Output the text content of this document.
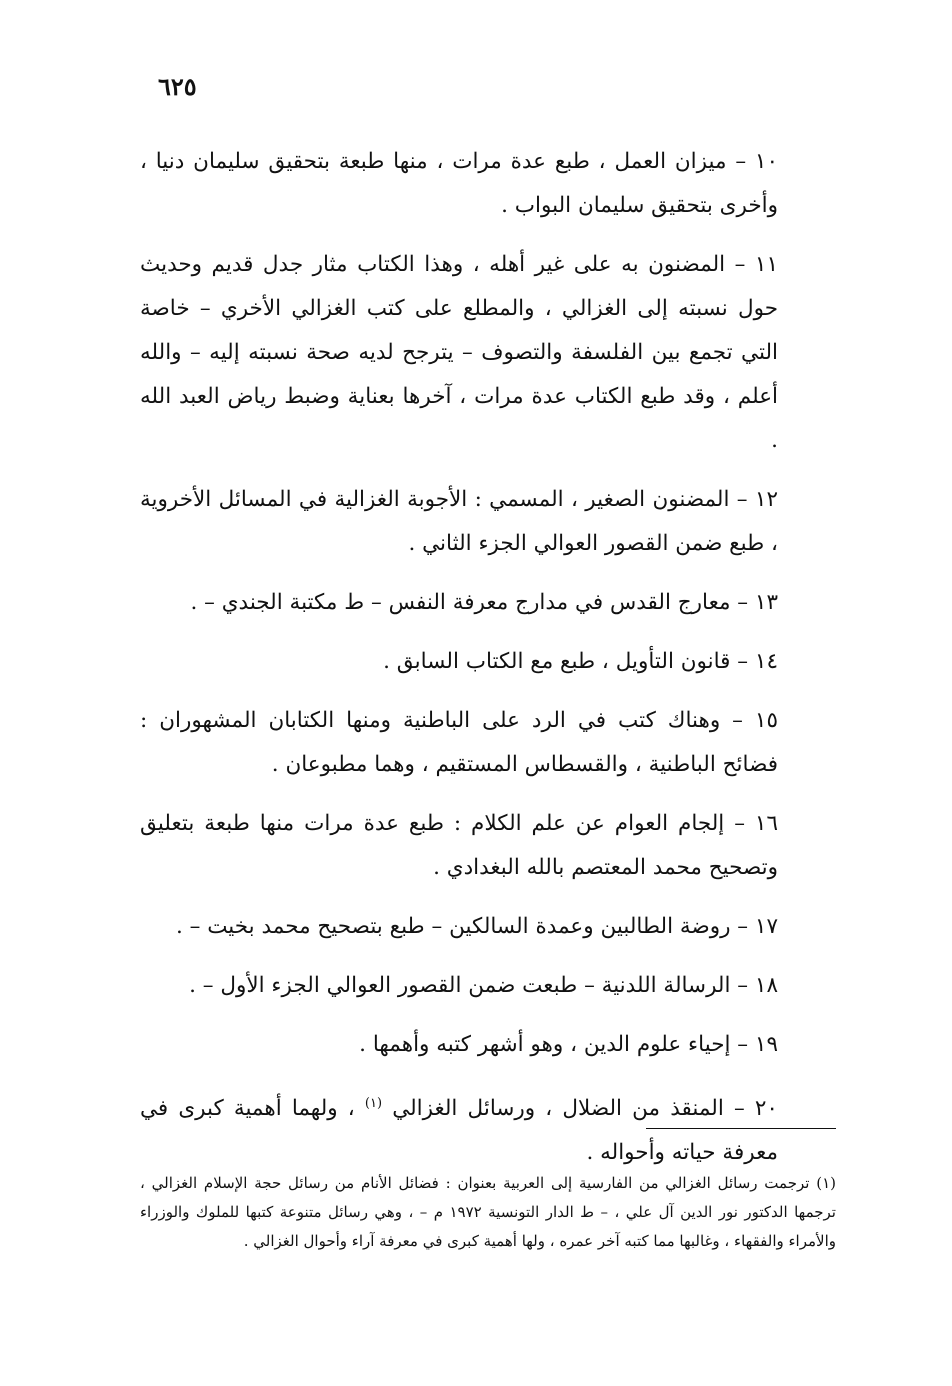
٦٢٥

١٠ – ميزان العمل ، طبع عدة مرات ، منها طبعة بتحقيق سليمان دنيا ، وأخرى بتحقيق سليمان البواب .

١١ – المضنون به على غير أهله ، وهذا الكتاب مثار جدل قديم وحديث حول نسبته إلى الغزالي ، والمطلع على كتب الغزالي الأخري – خاصة التي تجمع بين الفلسفة والتصوف – يترجح لديه صحة نسبته إليه – والله أعلم ، وقد طبع الكتاب عدة مرات ، آخرها بعناية وضبط رياض العبد الله .

١٢ – المضنون الصغير ، المسمي : الأجوبة الغزالية في المسائل الأخروية ، طبع ضمن القصور العوالي الجزء الثاني .

١٣ – معارج القدس في مدارج معرفة النفس – ط مكتبة الجندي – .

١٤ – قانون التأويل ، طبع مع الكتاب السابق .

١٥ – وهناك كتب في الرد على الباطنية ومنها الكتابان المشهوران : فضائح الباطنية ، والقسطاس المستقيم ، وهما مطبوعان .

١٦ – إلجام العوام عن علم الكلام : طبع عدة مرات منها طبعة بتعليق وتصحيح محمد المعتصم بالله البغدادي .

١٧ – روضة الطالبين وعمدة السالكين – طبع بتصحيح محمد بخيت – .

١٨ – الرسالة اللدنية – طبعت ضمن القصور العوالي الجزء الأول – .

١٩ – إحياء علوم الدين ، وهو أشهر كتبه وأهمها .

٢٠ – المنقذ من الضلال ، ورسائل الغزالي $^{(١)}$ ، ولهما أهمية كبرى في معرفة حياته وأحواله .

(١) ترجمت رسائل الغزالي من الفارسية إلى العربية بعنوان : فضائل الأنام من رسائل حجة الإسلام الغزالي ، ترجمها الدكتور نور الدين آل علي ، – ط الدار التونسية ١٩٧٢ م – ، وهي رسائل متنوعة كتبها للملوك والوزراء والأمراء والفقهاء ، وغالبها مما كتبه آخر عمره ، ولها أهمية كبرى في معرفة آراء وأحوال الغزالي .
